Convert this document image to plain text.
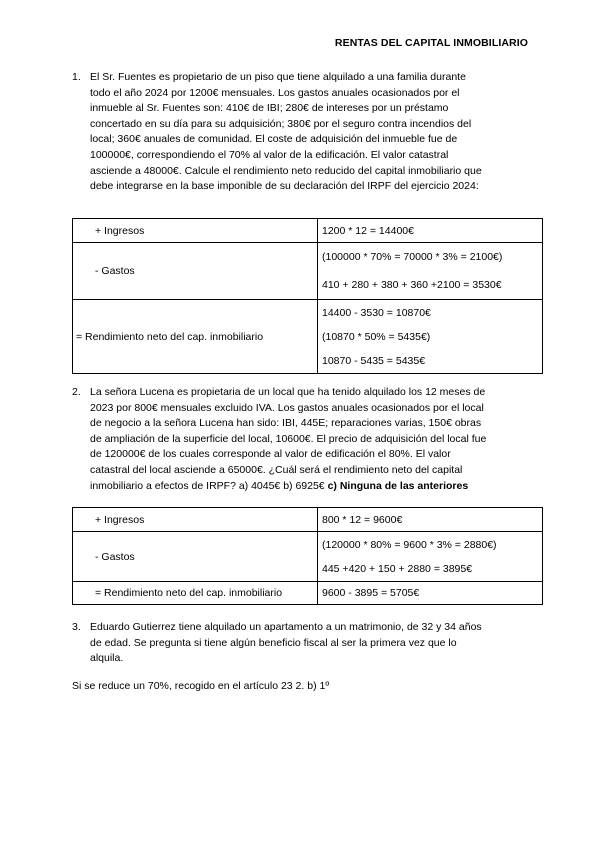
RENTAS DEL CAPITAL INMOBILIARIO
1. El Sr. Fuentes es propietario de un piso que tiene alquilado a una familia durante
todo el año 2024 por 1200€ mensuales. Los gastos anuales ocasionados por el
inmueble al Sr. Fuentes son: 410€ de IBI; 280€ de intereses por un préstamo
concertado en su día para su adquisición; 380€ por el seguro contra incendios del
local; 360€ anuales de comunidad. El coste de adquisición del inmueble fue de
100000€, correspondiendo el 70% al valor de la edificación. El valor catastral
asciende a 48000€. Calcule el rendimiento neto reducido del capital inmobiliario que
debe integrarse en la base imponible de su declaración del IRPF del ejercicio 2024:
+ Ingresos	1200 * 12 = 14400€
- Gastos	(100000 * 70% = 70000 * 3% = 2100€)
410 + 280 + 380 + 360 +2100 = 3530€

= Rendimiento neto del cap. inmobiliario	14400 - 3530 = 10870€
(10870 * 50% = 5435€)
10870 - 5435 = 5435€
2. La señora Lucena es propietaria de un local que ha tenido alquilado los 12 meses de
2023 por 800€ mensuales excluido IVA. Los gastos anuales ocasionados por el local
de negocio a la señora Lucena han sido: IBI, 445E; reparaciones varias, 150€ obras
de ampliación de la superficie del local, 10600€. El precio de adquisición del local fue
de 120000€ de los cuales corresponde al valor de edificación el 80%. El valor
catastral del local asciende a 65000€. ¿Cuál será el rendimiento neto del capital
inmobiliario a efectos de IRPF? a) 4045€ b) 6925€ c) Ninguna de las anteriores
+ Ingresos	800 * 12 = 9600€
- Gastos	(120000 * 80% = 9600 * 3% = 2880€)
445 +420 + 150 + 2880 = 3895€

= Rendimiento neto del cap. inmobiliario	9600 - 3895 = 5705€
3. Eduardo Gutierrez tiene alquilado un apartamento a un matrimonio, de 32 y 34 años
de edad. Se pregunta si tiene algún beneficio fiscal al ser la primera vez que lo
alquila.
Si se reduce un 70%, recogido en el artículo 23 2. b) 1º
